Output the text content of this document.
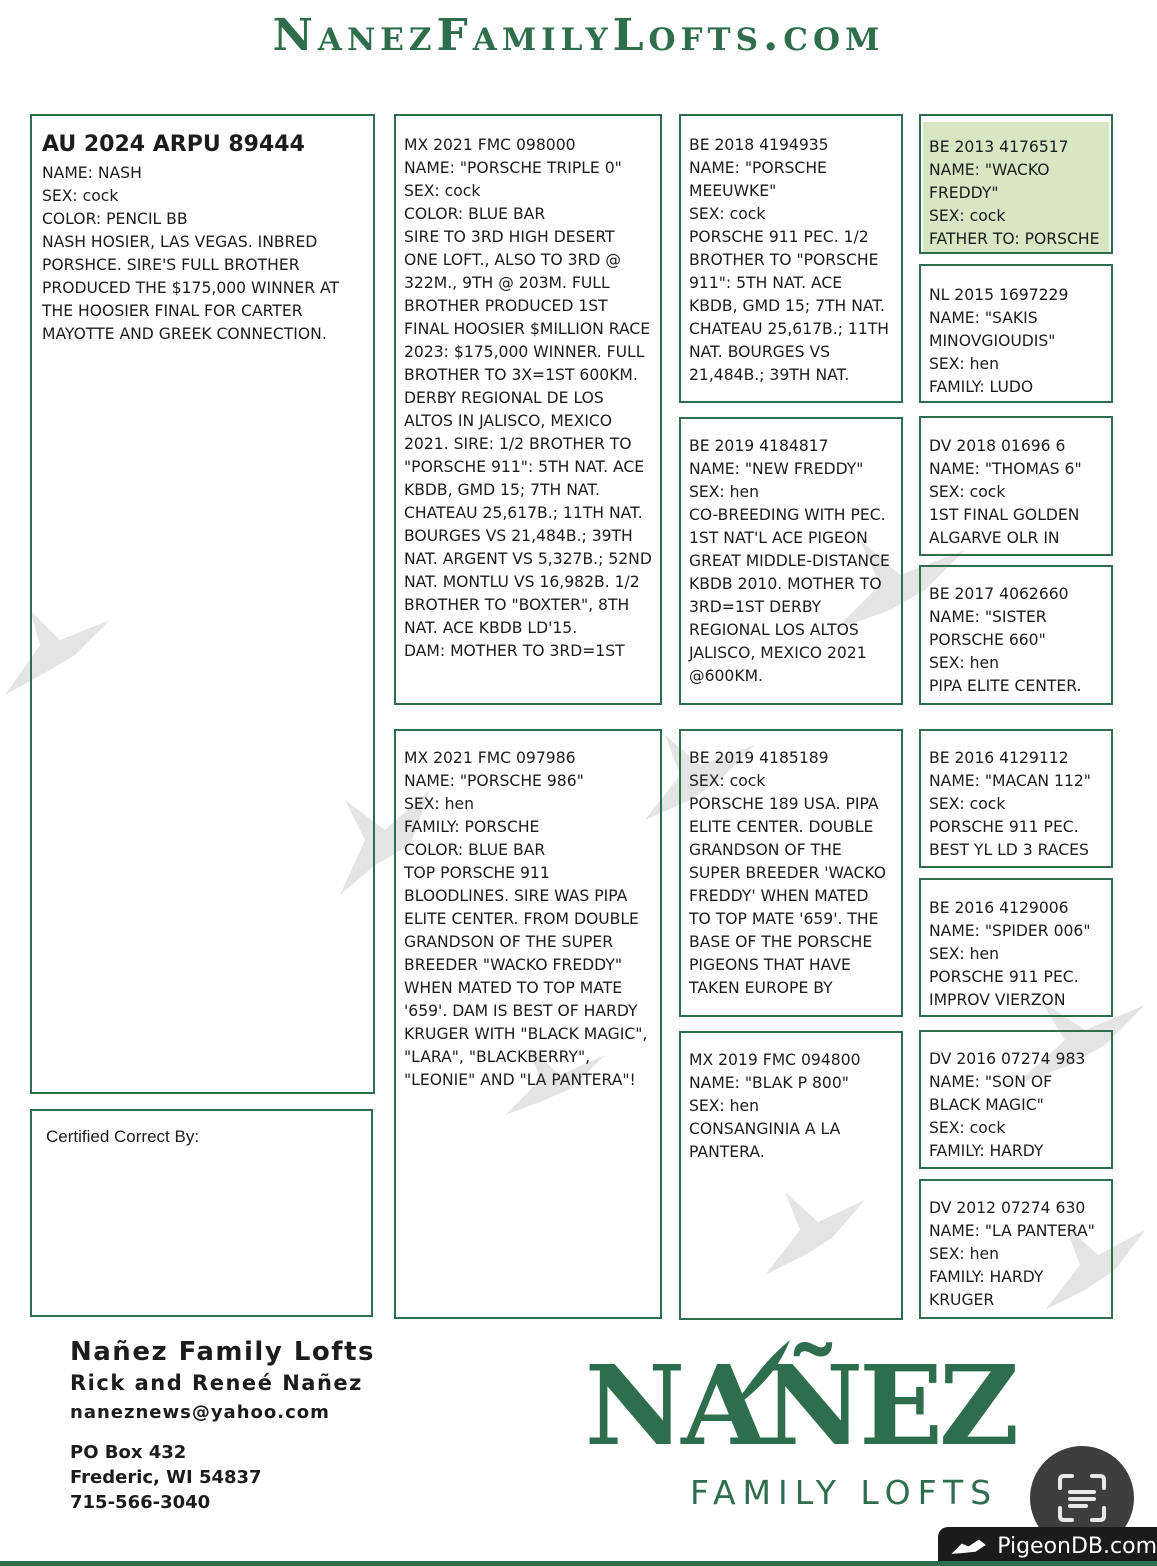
NanezFamilyLofts.com
AU 2024 ARPU 89444
NAME: NASH
SEX: cock
COLOR: PENCIL BB
NASH HOSIER, LAS VEGAS. INBRED PORSHCE. SIRE'S FULL BROTHER PRODUCED THE $175,000 WINNER AT THE HOOSIER FINAL FOR CARTER MAYOTTE AND GREEK CONNECTION.
Certified Correct By:
MX 2021 FMC 098000
NAME: "PORSCHE TRIPLE 0"
SEX: cock
COLOR: BLUE BAR
SIRE TO 3RD HIGH DESERT ONE LOFT., ALSO TO 3RD @ 322M., 9TH @ 203M. FULL BROTHER PRODUCED 1ST FINAL HOOSIER $MILLION RACE 2023: $175,000 WINNER. FULL BROTHER TO 3X=1ST 600KM. DERBY REGIONAL DE LOS ALTOS IN JALISCO, MEXICO 2021. SIRE: 1/2 BROTHER TO "PORSCHE 911": 5TH NAT. ACE KBDB, GMD 15; 7TH NAT. CHATEAU 25,617B.; 11TH NAT. BOURGES VS 21,484B.; 39TH NAT. ARGENT VS 5,327B.; 52ND NAT. MONTLU VS 16,982B. 1/2 BROTHER TO "BOXTER", 8TH NAT. ACE KBDB LD'15.
DAM: MOTHER TO 3RD=1ST
MX 2021 FMC 097986
NAME: "PORSCHE 986"
SEX: hen
FAMILY: PORSCHE
COLOR: BLUE BAR
TOP PORSCHE 911 BLOODLINES. SIRE WAS PIPA ELITE CENTER. FROM DOUBLE GRANDSON OF THE SUPER BREEDER "WACKO FREDDY" WHEN MATED TO TOP MATE '659'. DAM IS BEST OF HARDY KRUGER WITH "BLACK MAGIC", "LARA", "BLACKBERRY", "LEONIE" AND "LA PANTERA"!
BE 2018 4194935
NAME: "PORSCHE MEEUWKE"
SEX: cock
PORSCHE 911 PEC. 1/2 BROTHER TO "PORSCHE 911": 5TH NAT. ACE KBDB, GMD 15; 7TH NAT. CHATEAU 25,617B.; 11TH NAT. BOURGES VS 21,484B.; 39TH NAT.
BE 2019 4184817
NAME: "NEW FREDDY"
SEX: hen
CO-BREEDING WITH PEC. 1ST NAT'L ACE PIGEON GREAT MIDDLE-DISTANCE KBDB 2010. MOTHER TO 3RD=1ST DERBY REGIONAL LOS ALTOS JALISCO, MEXICO 2021 @600KM.
BE 2019 4185189
SEX: cock
PORSCHE 189 USA. PIPA ELITE CENTER. DOUBLE GRANDSON OF THE SUPER BREEDER 'WACKO FREDDY' WHEN MATED TO TOP MATE '659'. THE BASE OF THE PORSCHE PIGEONS THAT HAVE TAKEN EUROPE BY
MX 2019 FMC 094800
NAME: "BLAK P 800"
SEX: hen
CONSANGINIA A LA PANTERA.
BE 2013 4176517
NAME: "WACKO FREDDY"
SEX: cock
FATHER TO: PORSCHE
NL 2015 1697229
NAME: "SAKIS MINOVGIOUDIS"
SEX: hen
FAMILY: LUDO
DV 2018 01696 6
NAME: "THOMAS 6"
SEX: cock
1ST FINAL GOLDEN ALGARVE OLR IN
BE 2017 4062660
NAME: "SISTER PORSCHE 660"
SEX: hen
PIPA ELITE CENTER.
BE 2016 4129112
NAME: "MACAN 112"
SEX: cock
PORSCHE 911 PEC.
BEST YL LD 3 RACES
BE 2016 4129006
NAME: "SPIDER 006"
SEX: hen
PORSCHE 911 PEC.
IMPROV VIERZON
DV 2016 07274 983
NAME: "SON OF BLACK MAGIC"
SEX: cock
FAMILY: HARDY
DV 2012 07274 630
NAME: "LA PANTERA"
SEX: hen
FAMILY: HARDY KRUGER
Nañez Family Lofts
Rick and Reneé Nañez
naneznews@yahoo.com
PO Box 432
Frederic, WI 54837
715-566-3040
NAÑEZ
FAMILY LOFTS
PigeonDB.com
